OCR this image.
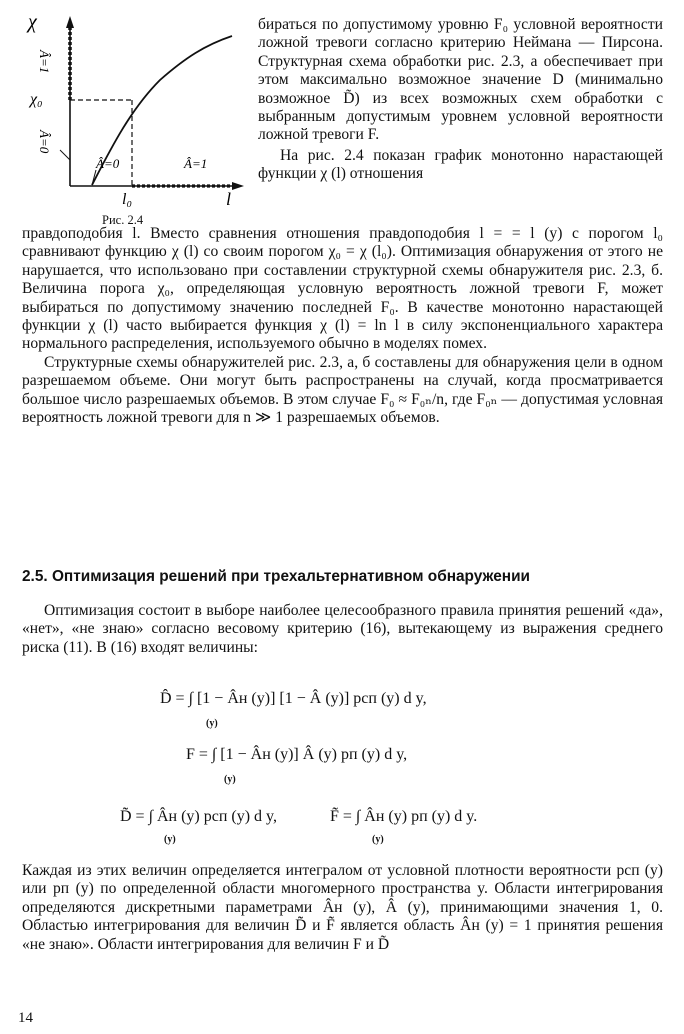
χ
l
χ₀
l₀
Â=1
Â=0
Â=0	Â=1
Рис. 2.4

бираться по допустимому уровню F₀ условной вероятности ложной тревоги согласно критерию Неймана — Пирсона. Структурная схема обработки рис. 2.3, а обеспечивает при этом максимально возможное значение D (минимально возможное D̃) из всех возможных схем обработки с выбранным допустимым уровнем условной вероятности ложной тревоги F.

На рис. 2.4 показан график монотонно нарастающей функции χ (l) отношения

правдоподобия l. Вместо сравнения отношения правдоподобия l = = l (y) с порогом l₀ сравнивают функцию χ (l) со своим порогом χ₀ = χ (l₀). Оптимизация обнаружения от этого не нарушается, что использовано при составлении структурной схемы обнаружителя рис. 2.3, б. Величина порога χ₀, определяющая условную вероятность ложной тревоги F, может выбираться по допустимому значению последней F₀. В качестве монотонно нарастающей функции χ (l) часто выбирается функция χ (l) = ln l в силу экспоненциального характера нормального распределения, используемого обычно в моделях помех.

Структурные схемы обнаружителей рис. 2.3, а, б составлены для обнаружения цели в одном разрешаемом объеме. Они могут быть распространены на случай, когда просматривается большое число разрешаемых объемов. В этом случае F₀ ≈ F₀ₙ/n, где F₀ₙ — допустимая условная вероятность ложной тревоги для n ≫ 1 разрешаемых объемов.

2.5. Оптимизация решений при трехальтернативном обнаружении

Оптимизация состоит в выборе наиболее целесообразного правила принятия решений «да», «нет», «не знаю» согласно весовому критерию (16), вытекающему из выражения среднего риска (11). В (16) входят величины:

D̂ = ∫ [1 − Âн (y)] [1 − Â (y)] pсп (y) d y,
(y)
F = ∫ [1 − Âн (y)] Â (y) pп (y) d y,
(y)
D̃̃ = ∫ Âн (y) pсп (y) d y,
(y)
F̃̃ = ∫ Âн (y) pп (y) d y.
(y)

Каждая из этих величин определяется интегралом от условной плотности вероятности pсп (y) или pп (y) по определенной области многомерного пространства y. Области интегрирования определяются дискретными параметрами Âн (y), Â (y), принимающими значения 1, 0. Областью интегрирования для величин D̃̃ и F̃̃ является область Âн (y) = 1 принятия решения «не знаю». Области интегрирования для величин F и D̃

14
